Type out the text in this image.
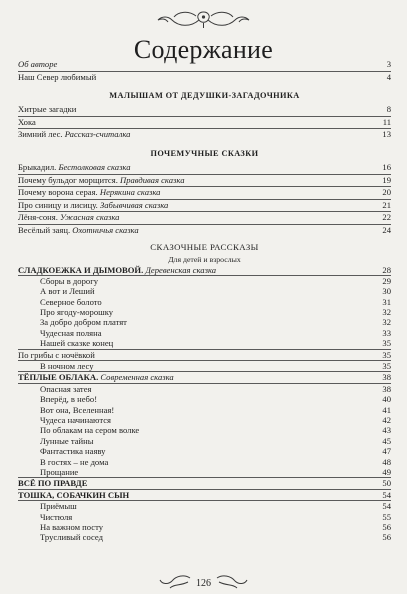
Содержание
Об авторе	3
Наш Север любимый	4
МАЛЫШАМ ОТ ДЕДУШКИ-ЗАГАДОЧНИКА
Хитрые загадки	8
Хока	11
Зимний лес. Рассказ-считалка	13
ПОЧЕМУЧНЫЕ СКАЗКИ
Брыкадил. Бестолковая сказка	16
Почему бульдог морщится. Правдивая сказка	19
Почему ворона серая. Нерякина сказка	20
Про синицу и лисицу. Забывчивая сказка	21
Лёня-соня. Ужасная сказка	22
Весёлый заяц. Охотничья сказка	24
СКАЗОЧНЫЕ РАССКАЗЫ
Для детей и взрослых
СЛАДКОЕЖКА И ДЫМОВОЙ. Деревенская сказка	28
Сборы в дорогу	29
А вот и Леший	30
Северное болото	31
Про ягоду-морошку	32
За добро добром платят	32
Чудесная поляна	33
Нашей сказке конец	35
По грибы с ночёвкой	35
В ночном лесу	35
ТЁПЛЫЕ ОБЛАКА. Современная сказка	38
Опасная затея	38
Вперёд, в небо!	40
Вот она, Вселенная!	41
Чудеса начинаются	42
По облакам на сером волке	43
Лунные тайны	45
Фантастика наяву	47
В гостях – не дома	48
Прощание	49
ВСЁ ПО ПРАВДЕ	50
ТОШКА, СОБАЧКИН СЫН	54
Приёмыш	54
Чистюля	55
На важном посту	56
Трусливый сосед	56
126
